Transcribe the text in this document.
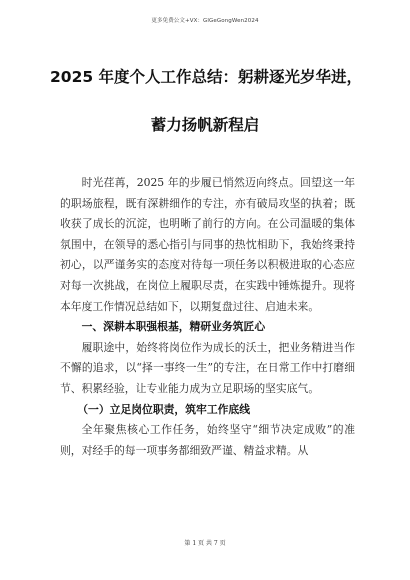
更多免费公文+VX：GlGeGongWen2024
2025 年度个人工作总结：躬耕逐光岁华进，
蓄力扬帆新程启

时光荏苒，2025 年的步履已悄然迈向终点。回望这一年的职场旅程，既有深耕细作的专注，亦有破局攻坚的执着；既收获了成长的沉淀，也明晰了前行的方向。在公司温暖的集体氛围中，在领导的悉心指引与同事的热忱相助下，我始终秉持初心，以严谨务实的态度对待每一项任务以积极进取的心态应对每一次挑战，在岗位上履职尽责，在实践中锤炼提升。现将本年度工作情况总结如下，以期复盘过往、启迪未来。

一、深耕本职强根基，精研业务筑匠心

履职途中，始终将岗位作为成长的沃土，把业务精进当作不懈的追求，以“择一事终一生”的专注，在日常工作中打磨细节、积累经验，让专业能力成为立足职场的坚实底气。

（一）立足岗位职责，筑牢工作底线

全年聚焦核心工作任务，始终坚守“细节决定成败”的准则，对经手的每一项事务都细致严谨、精益求精。从

第 1 页 共 7 页
